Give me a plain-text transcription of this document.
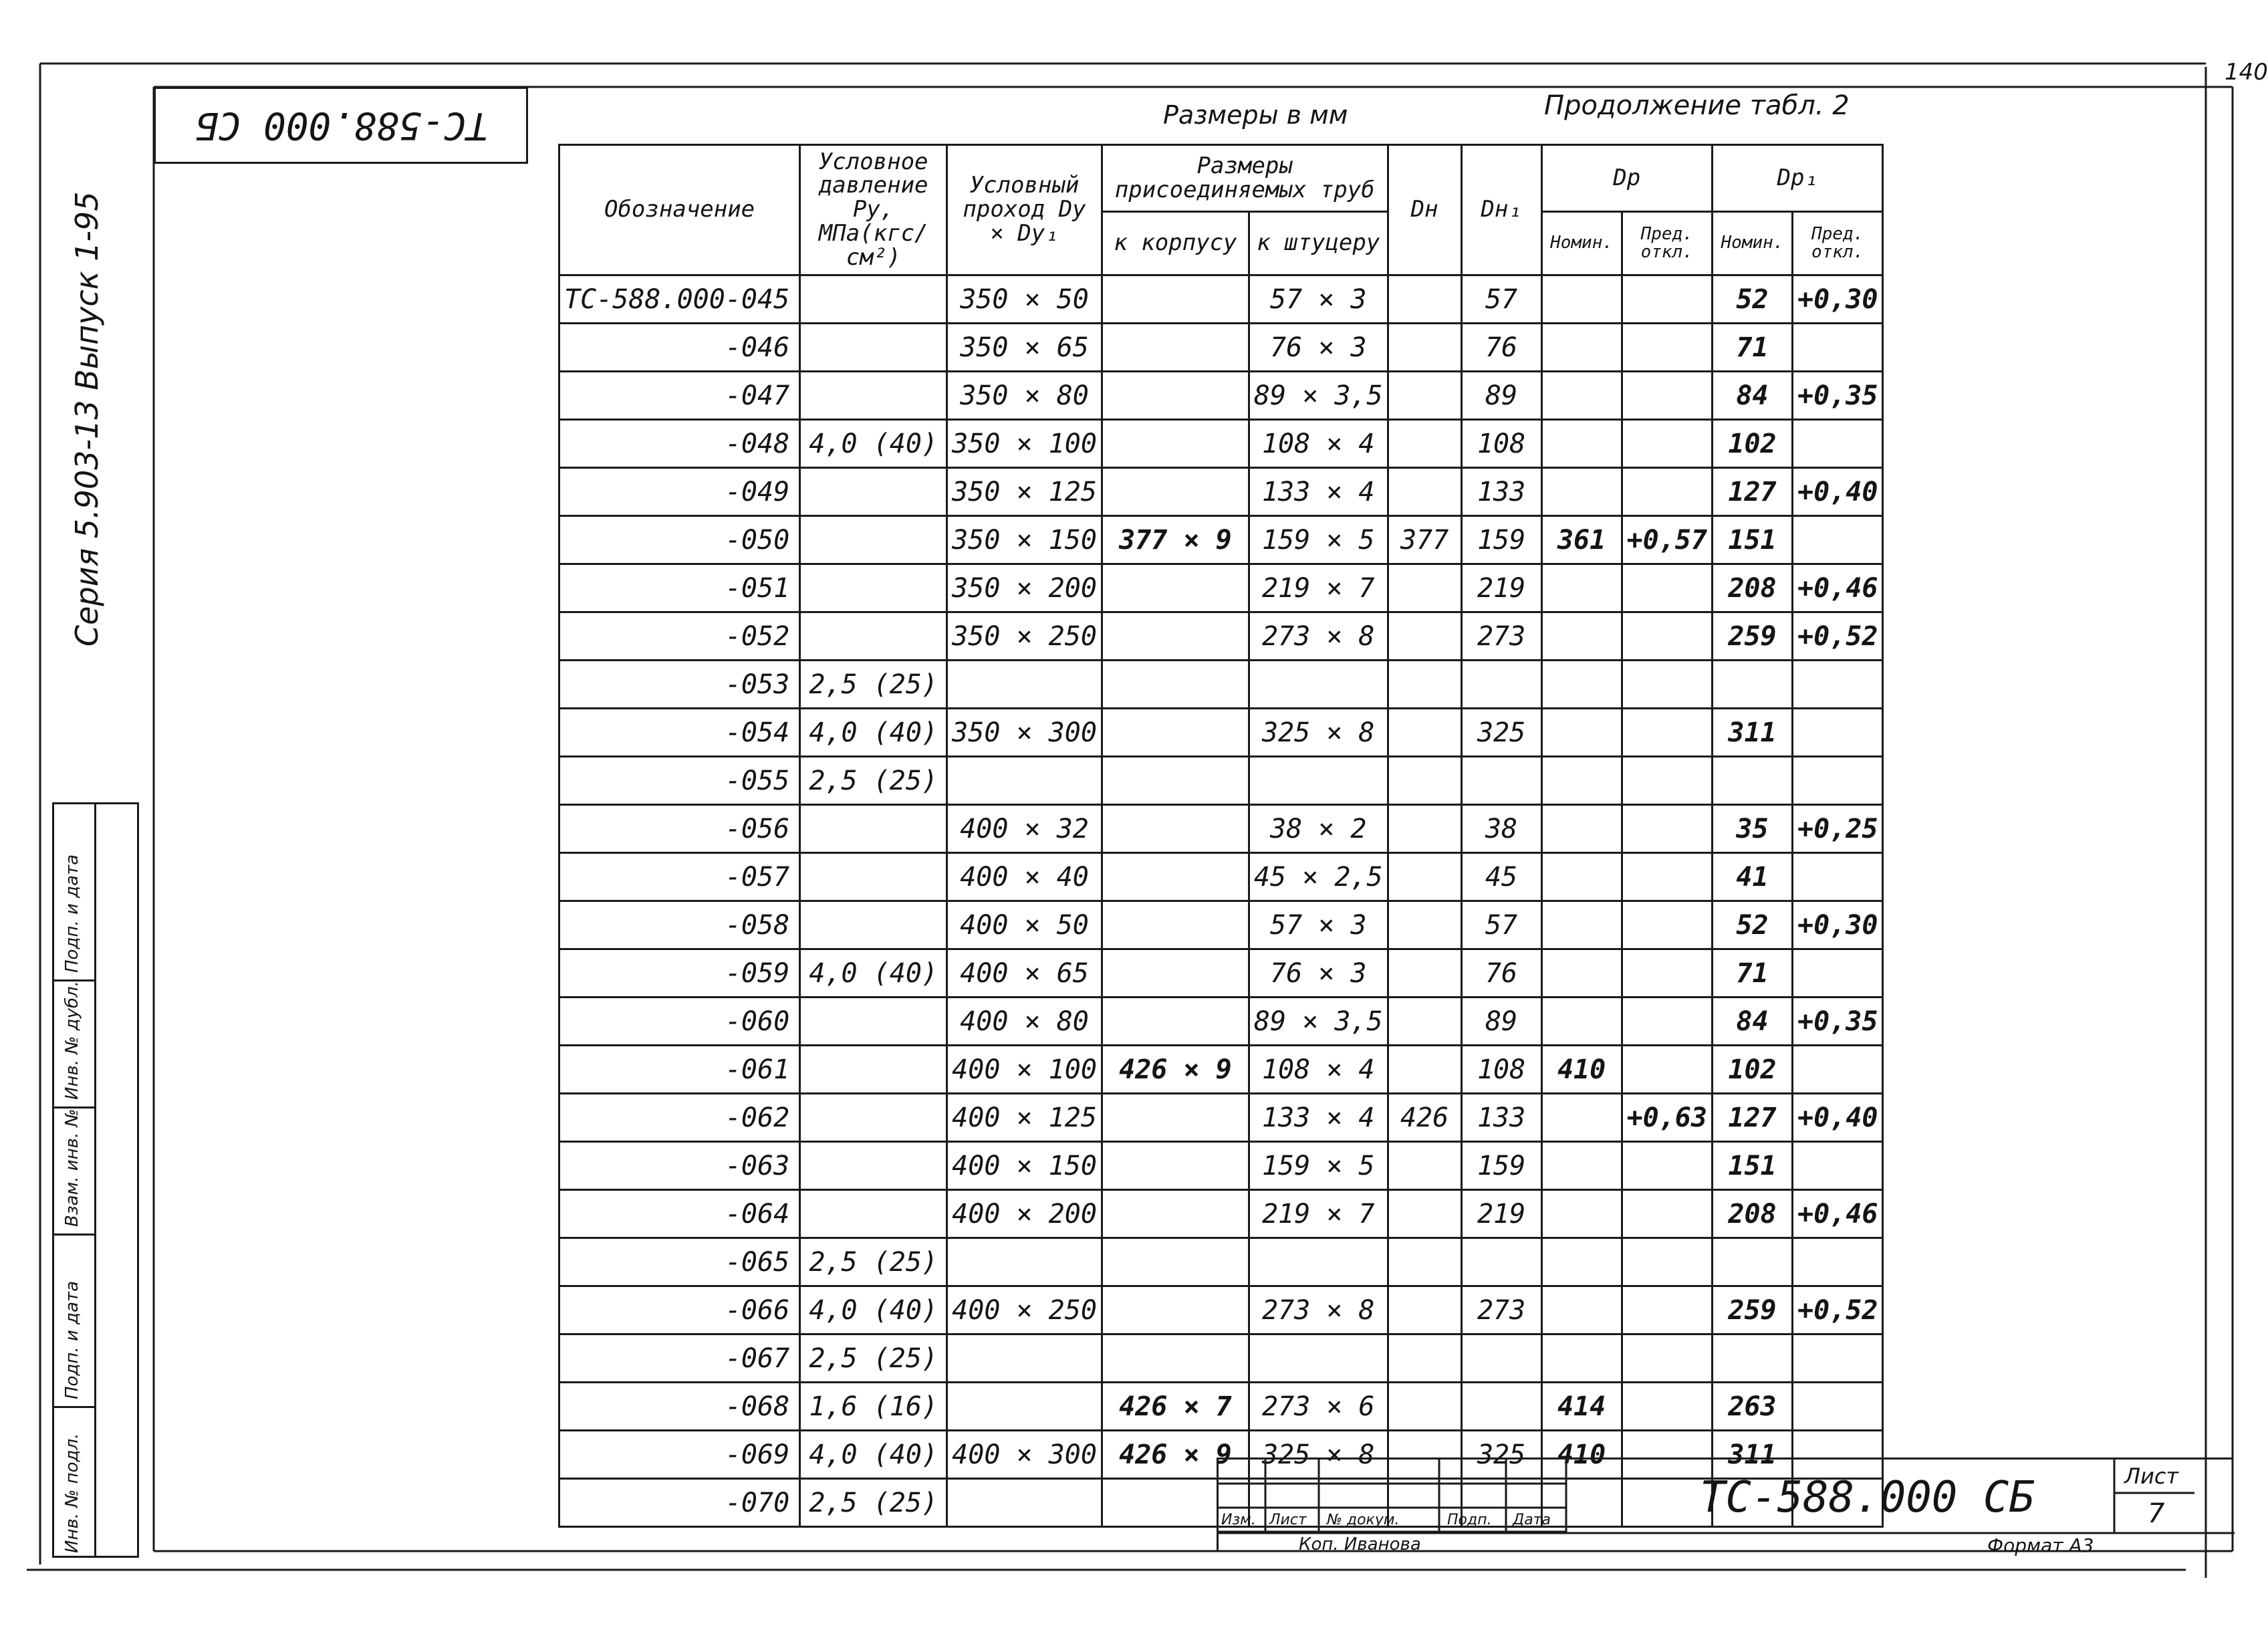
140
ТС-588.000 СБ
Серия 5.903-13 Выпуск 1-95
Размеры в мм	Продолжение табл. 2
Инв. № подл.
Подп. и дата
Взам. инв. №
Инв. № дубл.
Подп. и дата
Обозначение	Условное давление Py, МПа(кгс/см²)	Условный проход Dy × Dy₁	Размеры присоединяемых труб		Dн	Dн₁	Dр		Dр₁	
			к корпусу	к штуцеру			Номин.	Пред. откл.	Номин.	Пред. откл.
ТС-588.000-045		350 × 50		57 × 3		57			52	+0,30
-046		350 × 65		76 × 3		76			71	
-047		350 × 80		89 × 3,5		89			84	+0,35
-048	4,0 (40)	350 × 100		108 × 4		108			102	
-049		350 × 125		133 × 4		133			127	+0,40
-050		350 × 150	377 × 9	159 × 5	377	159	361	+0,57	151	
-051		350 × 200		219 × 7		219			208	+0,46
-052		350 × 250		273 × 8		273			259	+0,52
-053	2,5 (25)									
-054	4,0 (40)	350 × 300		325 × 8		325			311	
-055	2,5 (25)									
-056		400 × 32		38 × 2		38			35	+0,25
-057		400 × 40		45 × 2,5		45			41	
-058		400 × 50		57 × 3		57			52	+0,30
-059	4,0 (40)	400 × 65		76 × 3		76			71	
-060		400 × 80		89 × 3,5		89			84	+0,35
-061		400 × 100	426 × 9	108 × 4		108	410		102	
-062		400 × 125		133 × 4	426	133		+0,63	127	+0,40
-063		400 × 150		159 × 5		159			151	
-064		400 × 200		219 × 7		219			208	+0,46
-065	2,5 (25)									
-066	4,0 (40)	400 × 250		273 × 8		273			259	+0,52
-067	2,5 (25)									
-068	1,6 (16)		426 × 7	273 × 6			414		263	
-069	4,0 (40)	400 × 300	426 × 9	325 × 8		325	410		311	
-070	2,5 (25)									
Изм. Лист № докум.	Подп. Дата
Коп. Иванова
ТС-588.000 СБ	Лист
7
Формат А3
